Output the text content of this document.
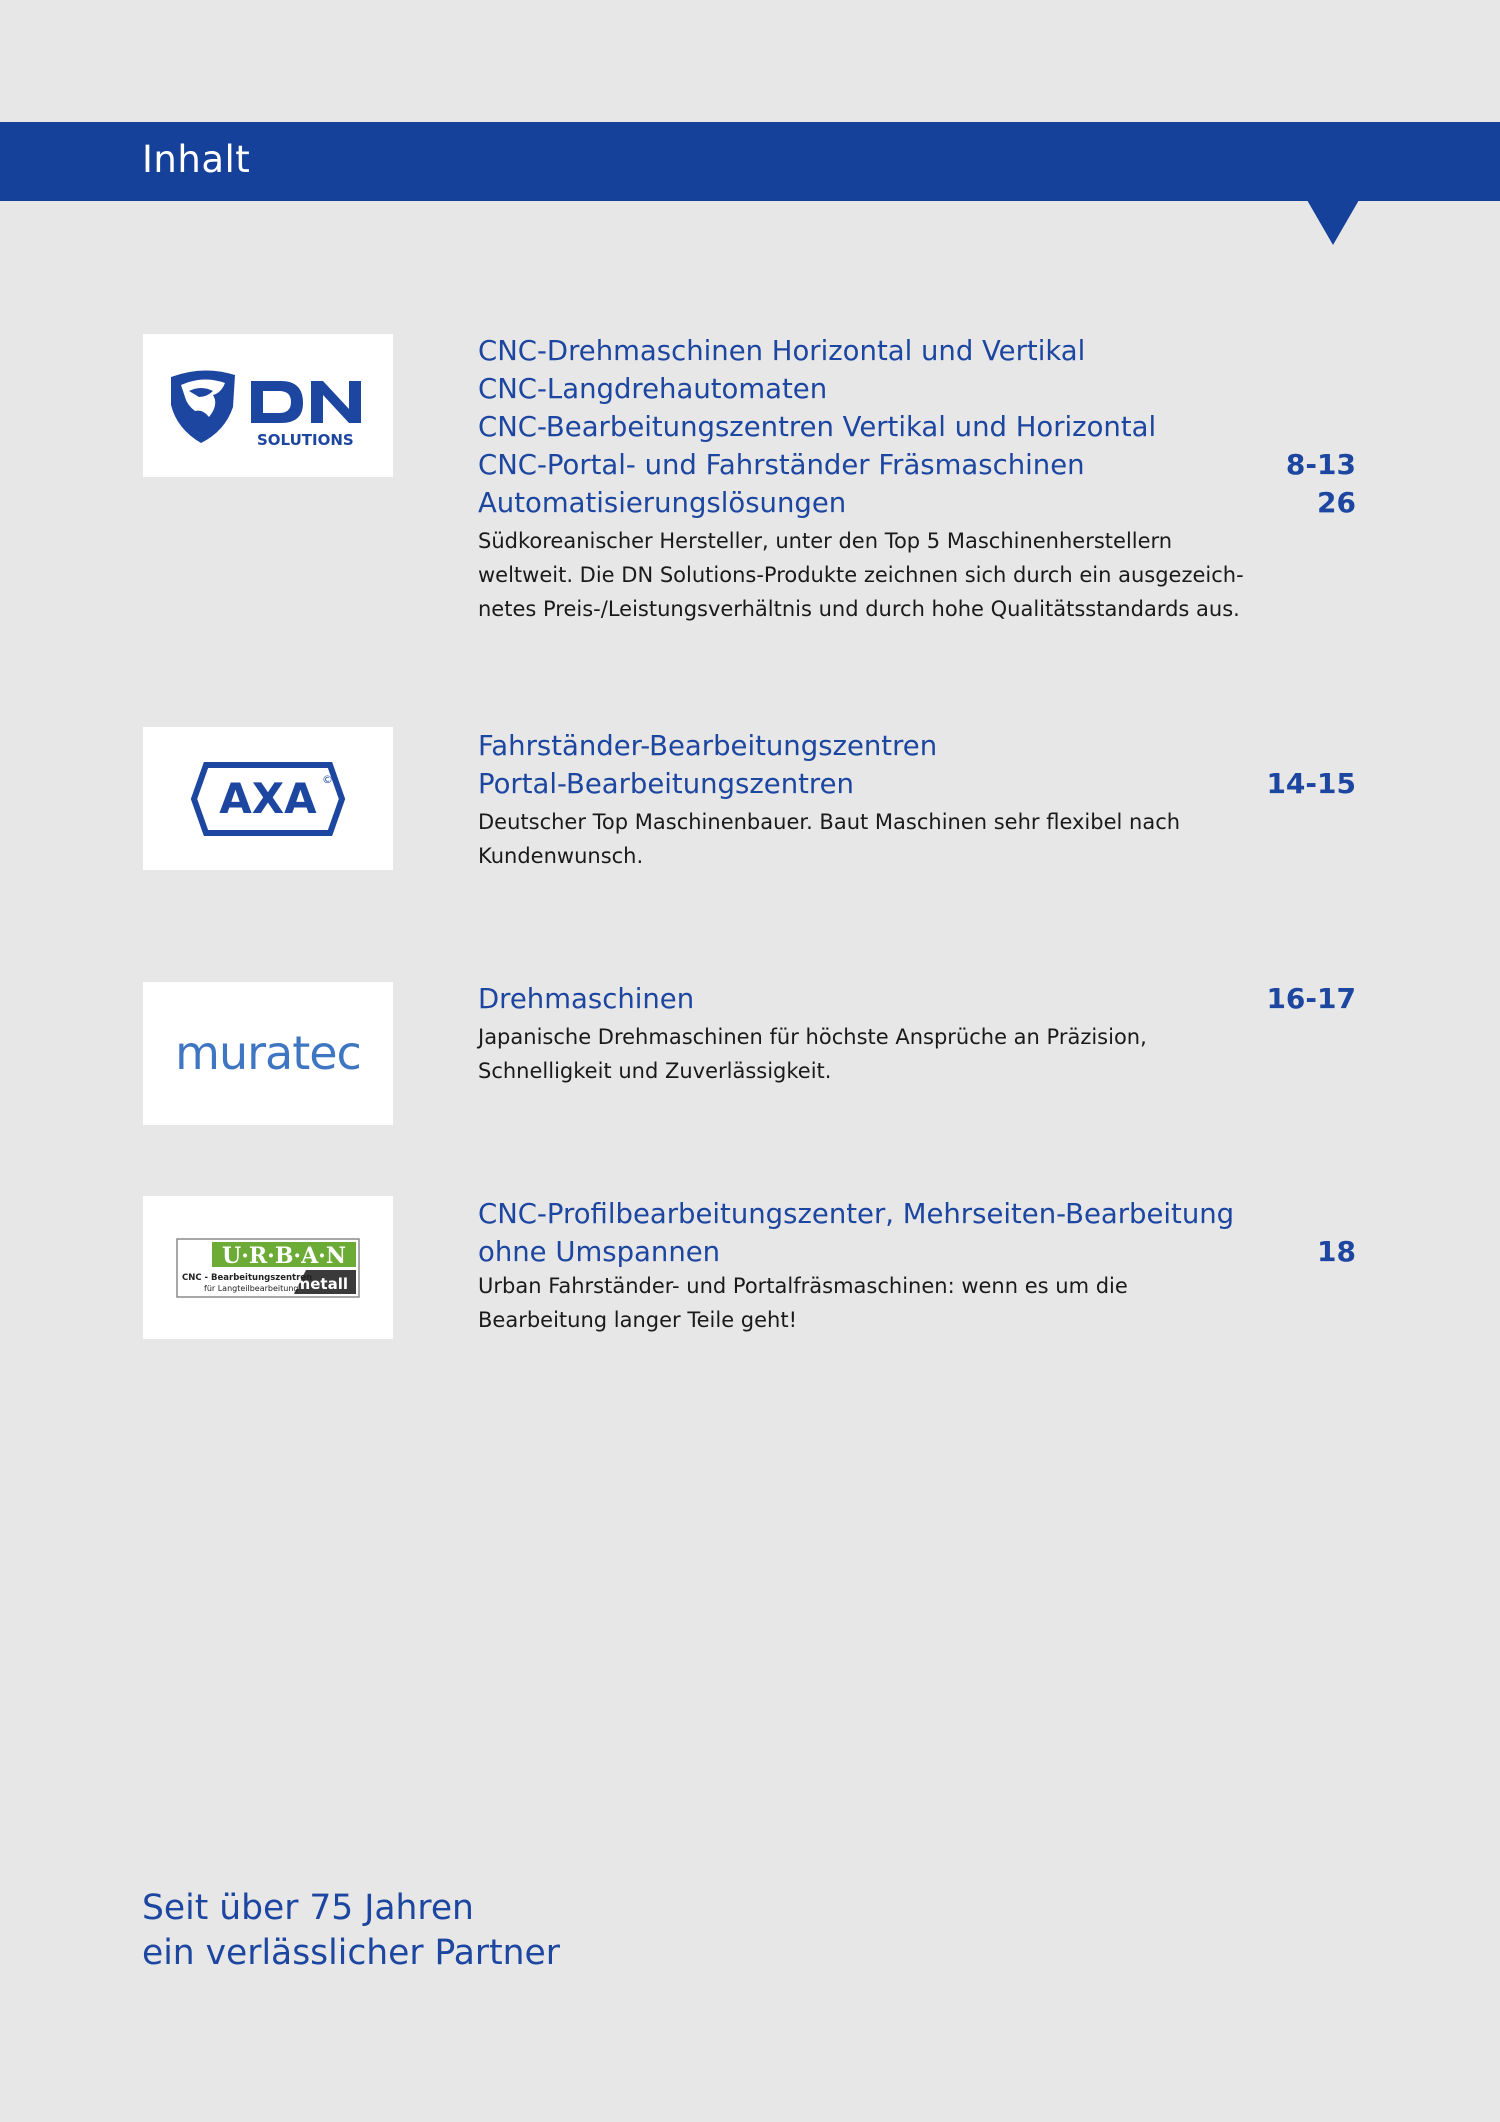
Inhalt
SOLUTIONS
CNC-Drehmaschinen Horizontal und Vertikal
CNC-Langdrehautomaten
CNC-Bearbeitungszentren Vertikal und Horizontal
CNC-Portal- und Fahrständer Fräsmaschinen
Automatisierungslösungen
Südkoreanischer Hersteller, unter den Top 5 Maschinenherstellern
weltweit. Die DN Solutions-Produkte zeichnen sich durch ein ausgezeich-
netes Preis-/Leistungsverhältnis und durch hohe Qualitätsstandards aus.
8-13
26
AXA ©
Fahrständer-Bearbeitungszentren
Portal-Bearbeitungszentren
Deutscher Top Maschinenbauer. Baut Maschinen sehr flexibel nach
Kundenwunsch.
14-15
muratec
Drehmaschinen
Japanische Drehmaschinen für höchste Ansprüche an Präzision,
Schnelligkeit und Zuverlässigkeit.
16-17
U·R·B·A·N
metall
CNC - Bearbeitungszentren
für Langteilbearbeitung
CNC-Profilbearbeitungszenter, Mehrseiten-Bearbeitung
ohne Umspannen
Urban Fahrständer- und Portalfräsmaschinen: wenn es um die
Bearbeitung langer Teile geht!
18
Seit über 75 Jahren
ein verlässlicher Partner
